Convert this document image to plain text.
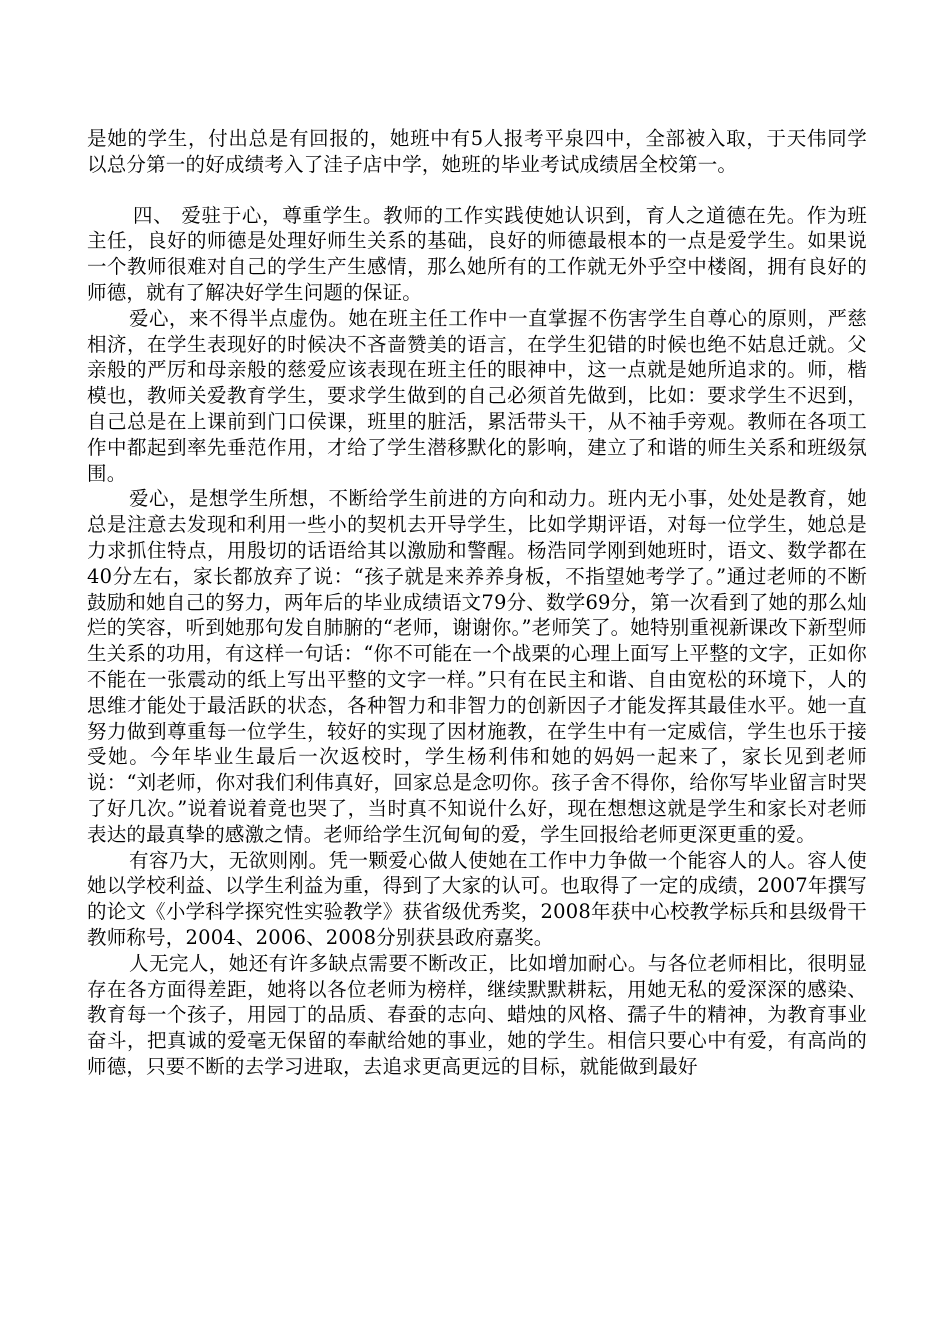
是她的学生，付出总是有回报的，她班中有5人报考平泉四中，全部被入取，于天伟同学以总分第一的好成绩考入了洼子店中学，她班的毕业考试成绩居全校第一。

四、 爱驻于心，尊重学生。教师的工作实践使她认识到，育人之道德在先。作为班主任，良好的师德是处理好师生关系的基础，良好的师德最根本的一点是爱学生。如果说一个教师很难对自己的学生产生感情，那么她所有的工作就无外乎空中楼阁，拥有良好的师德，就有了解决好学生问题的保证。

爱心，来不得半点虚伪。她在班主任工作中一直掌握不伤害学生自尊心的原则，严慈相济，在学生表现好的时候决不吝啬赞美的语言，在学生犯错的时候也绝不姑息迁就。父亲般的严厉和母亲般的慈爱应该表现在班主任的眼神中，这一点就是她所追求的。师，楷模也，教师关爱教育学生，要求学生做到的自己必须首先做到，比如：要求学生不迟到，自己总是在上课前到门口侯课，班里的脏活，累活带头干，从不袖手旁观。教师在各项工作中都起到率先垂范作用，才给了学生潜移默化的影响，建立了和谐的师生关系和班级氛围。

爱心，是想学生所想，不断给学生前进的方向和动力。班内无小事，处处是教育，她总是注意去发现和利用一些小的契机去开导学生，比如学期评语，对每一位学生，她总是力求抓住特点，用殷切的话语给其以激励和警醒。杨浩同学刚到她班时，语文、数学都在40分左右，家长都放弃了说：“孩子就是来养养身板，不指望她考学了。”通过老师的不断鼓励和她自己的努力，两年后的毕业成绩语文79分、数学69分，第一次看到了她的那么灿烂的笑容，听到她那句发自肺腑的“老师，谢谢你。”老师笑了。她特别重视新课改下新型师生关系的功用，有这样一句话：“你不可能在一个战栗的心理上面写上平整的文字，正如你不能在一张震动的纸上写出平整的文字一样。”只有在民主和谐、自由宽松的环境下，人的思维才能处于最活跃的状态，各种智力和非智力的创新因子才能发挥其最佳水平。她一直努力做到尊重每一位学生，较好的实现了因材施教，在学生中有一定威信，学生也乐于接受她。今年毕业生最后一次返校时，学生杨利伟和她的妈妈一起来了，家长见到老师说：“刘老师，你对我们利伟真好，回家总是念叨你。孩子舍不得你，给你写毕业留言时哭了好几次。”说着说着竟也哭了，当时真不知说什么好，现在想想这就是学生和家长对老师表达的最真挚的感激之情。老师给学生沉甸甸的爱，学生回报给老师更深更重的爱。

有容乃大，无欲则刚。凭一颗爱心做人使她在工作中力争做一个能容人的人。容人使她以学校利益、以学生利益为重，得到了大家的认可。也取得了一定的成绩，2007年撰写的论文《小学科学探究性实验教学》获省级优秀奖，2008年获中心校教学标兵和县级骨干教师称号，2004、2006、2008分别获县政府嘉奖。

人无完人，她还有许多缺点需要不断改正，比如增加耐心。与各位老师相比，很明显存在各方面得差距，她将以各位老师为榜样，继续默默耕耘，用她无私的爱深深的感染、教育每一个孩子，用园丁的品质、春蚕的志向、蜡烛的风格、孺子牛的精神，为教育事业奋斗，把真诚的爱毫无保留的奉献给她的事业，她的学生。相信只要心中有爱，有高尚的师德，只要不断的去学习进取，去追求更高更远的目标，就能做到最好
